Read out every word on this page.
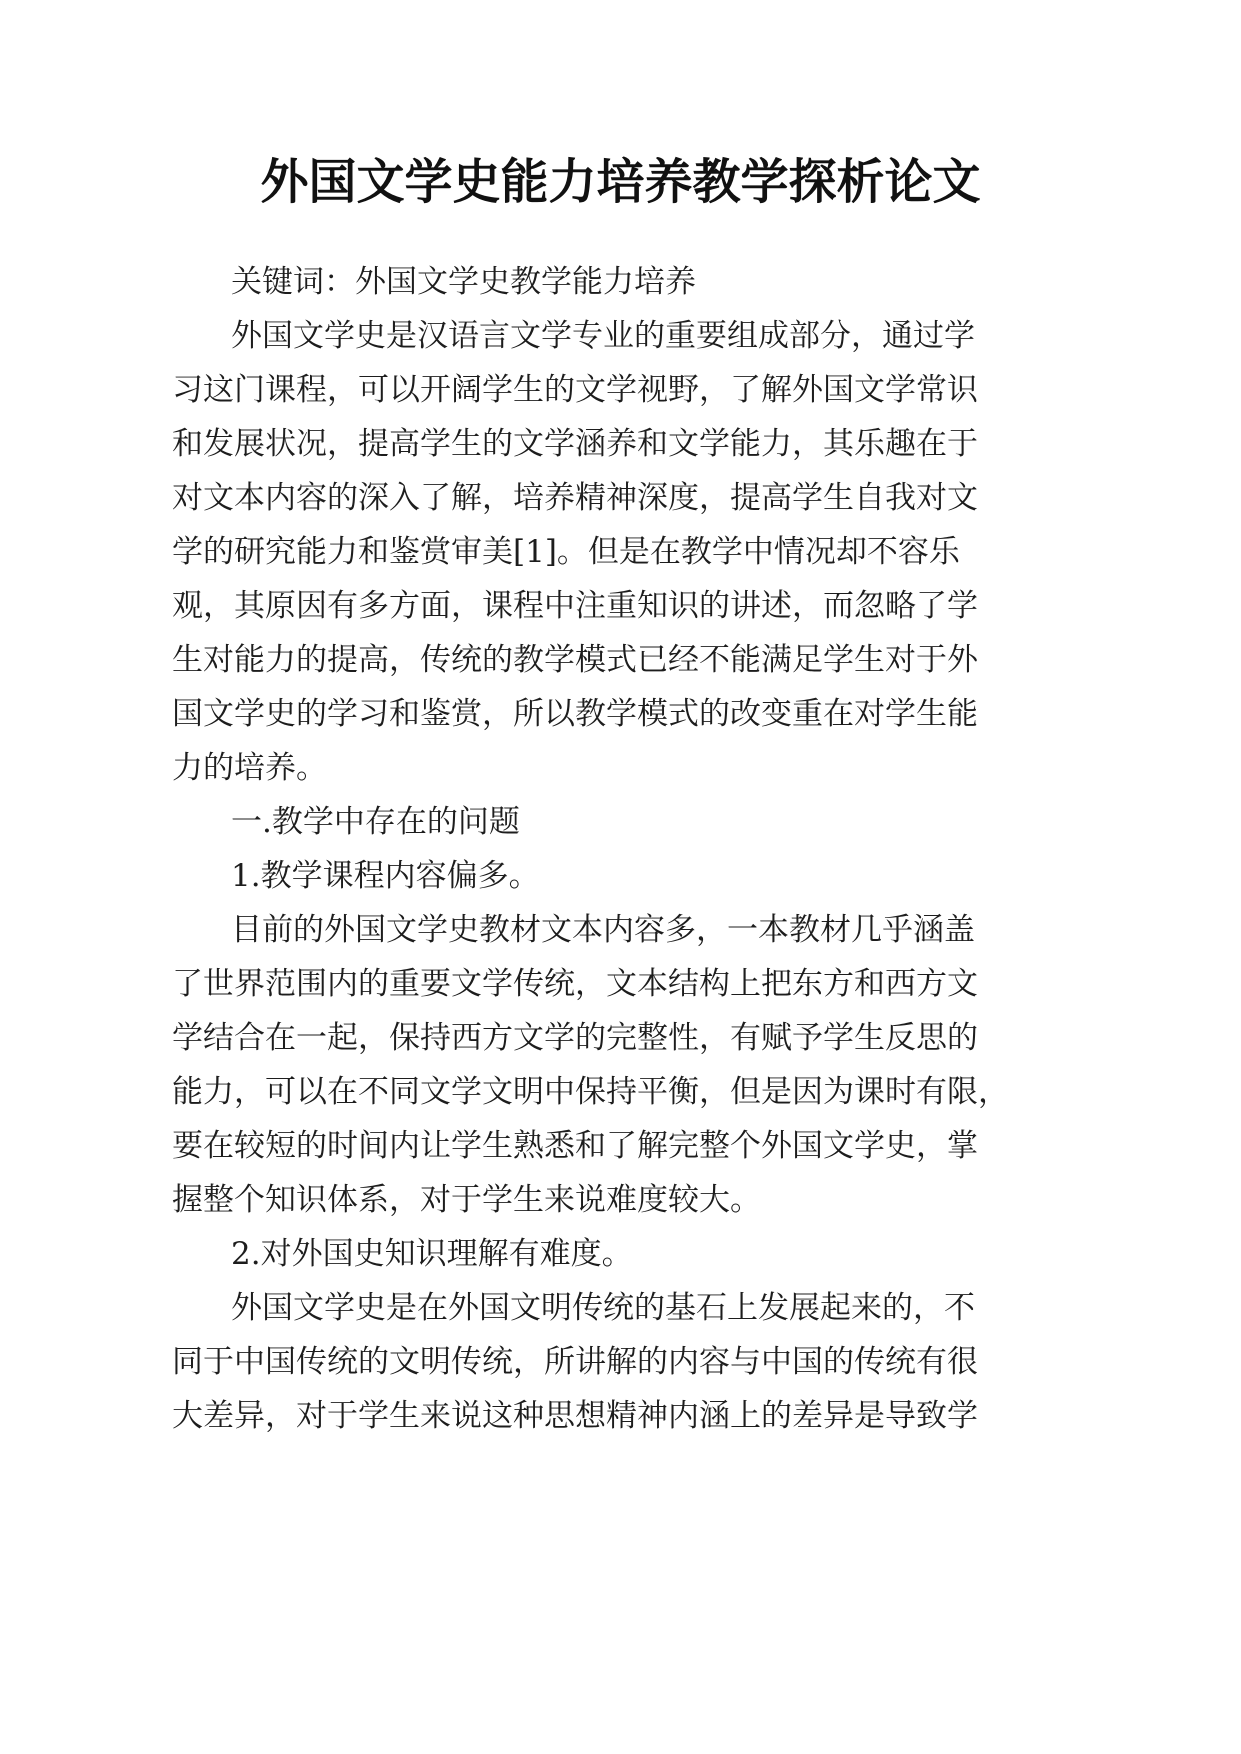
外国文学史能力培养教学探析论文
关键词：外国文学史教学能力培养
外国文学史是汉语言文学专业的重要组成部分，通过学
习这门课程，可以开阔学生的文学视野，了解外国文学常识
和发展状况，提高学生的文学涵养和文学能力，其乐趣在于
对文本内容的深入了解，培养精神深度，提高学生自我对文
学的研究能力和鉴赏审美[1]。但是在教学中情况却不容乐
观，其原因有多方面，课程中注重知识的讲述，而忽略了学
生对能力的提高，传统的教学模式已经不能满足学生对于外
国文学史的学习和鉴赏，所以教学模式的改变重在对学生能
力的培养。
一.教学中存在的问题
1.教学课程内容偏多。
目前的外国文学史教材文本内容多，一本教材几乎涵盖
了世界范围内的重要文学传统，文本结构上把东方和西方文
学结合在一起，保持西方文学的完整性，有赋予学生反思的
能力，可以在不同文学文明中保持平衡，但是因为课时有限，
要在较短的时间内让学生熟悉和了解完整个外国文学史，掌
握整个知识体系，对于学生来说难度较大。
2.对外国史知识理解有难度。
外国文学史是在外国文明传统的基石上发展起来的，不
同于中国传统的文明传统，所讲解的内容与中国的传统有很
大差异，对于学生来说这种思想精神内涵上的差异是导致学
